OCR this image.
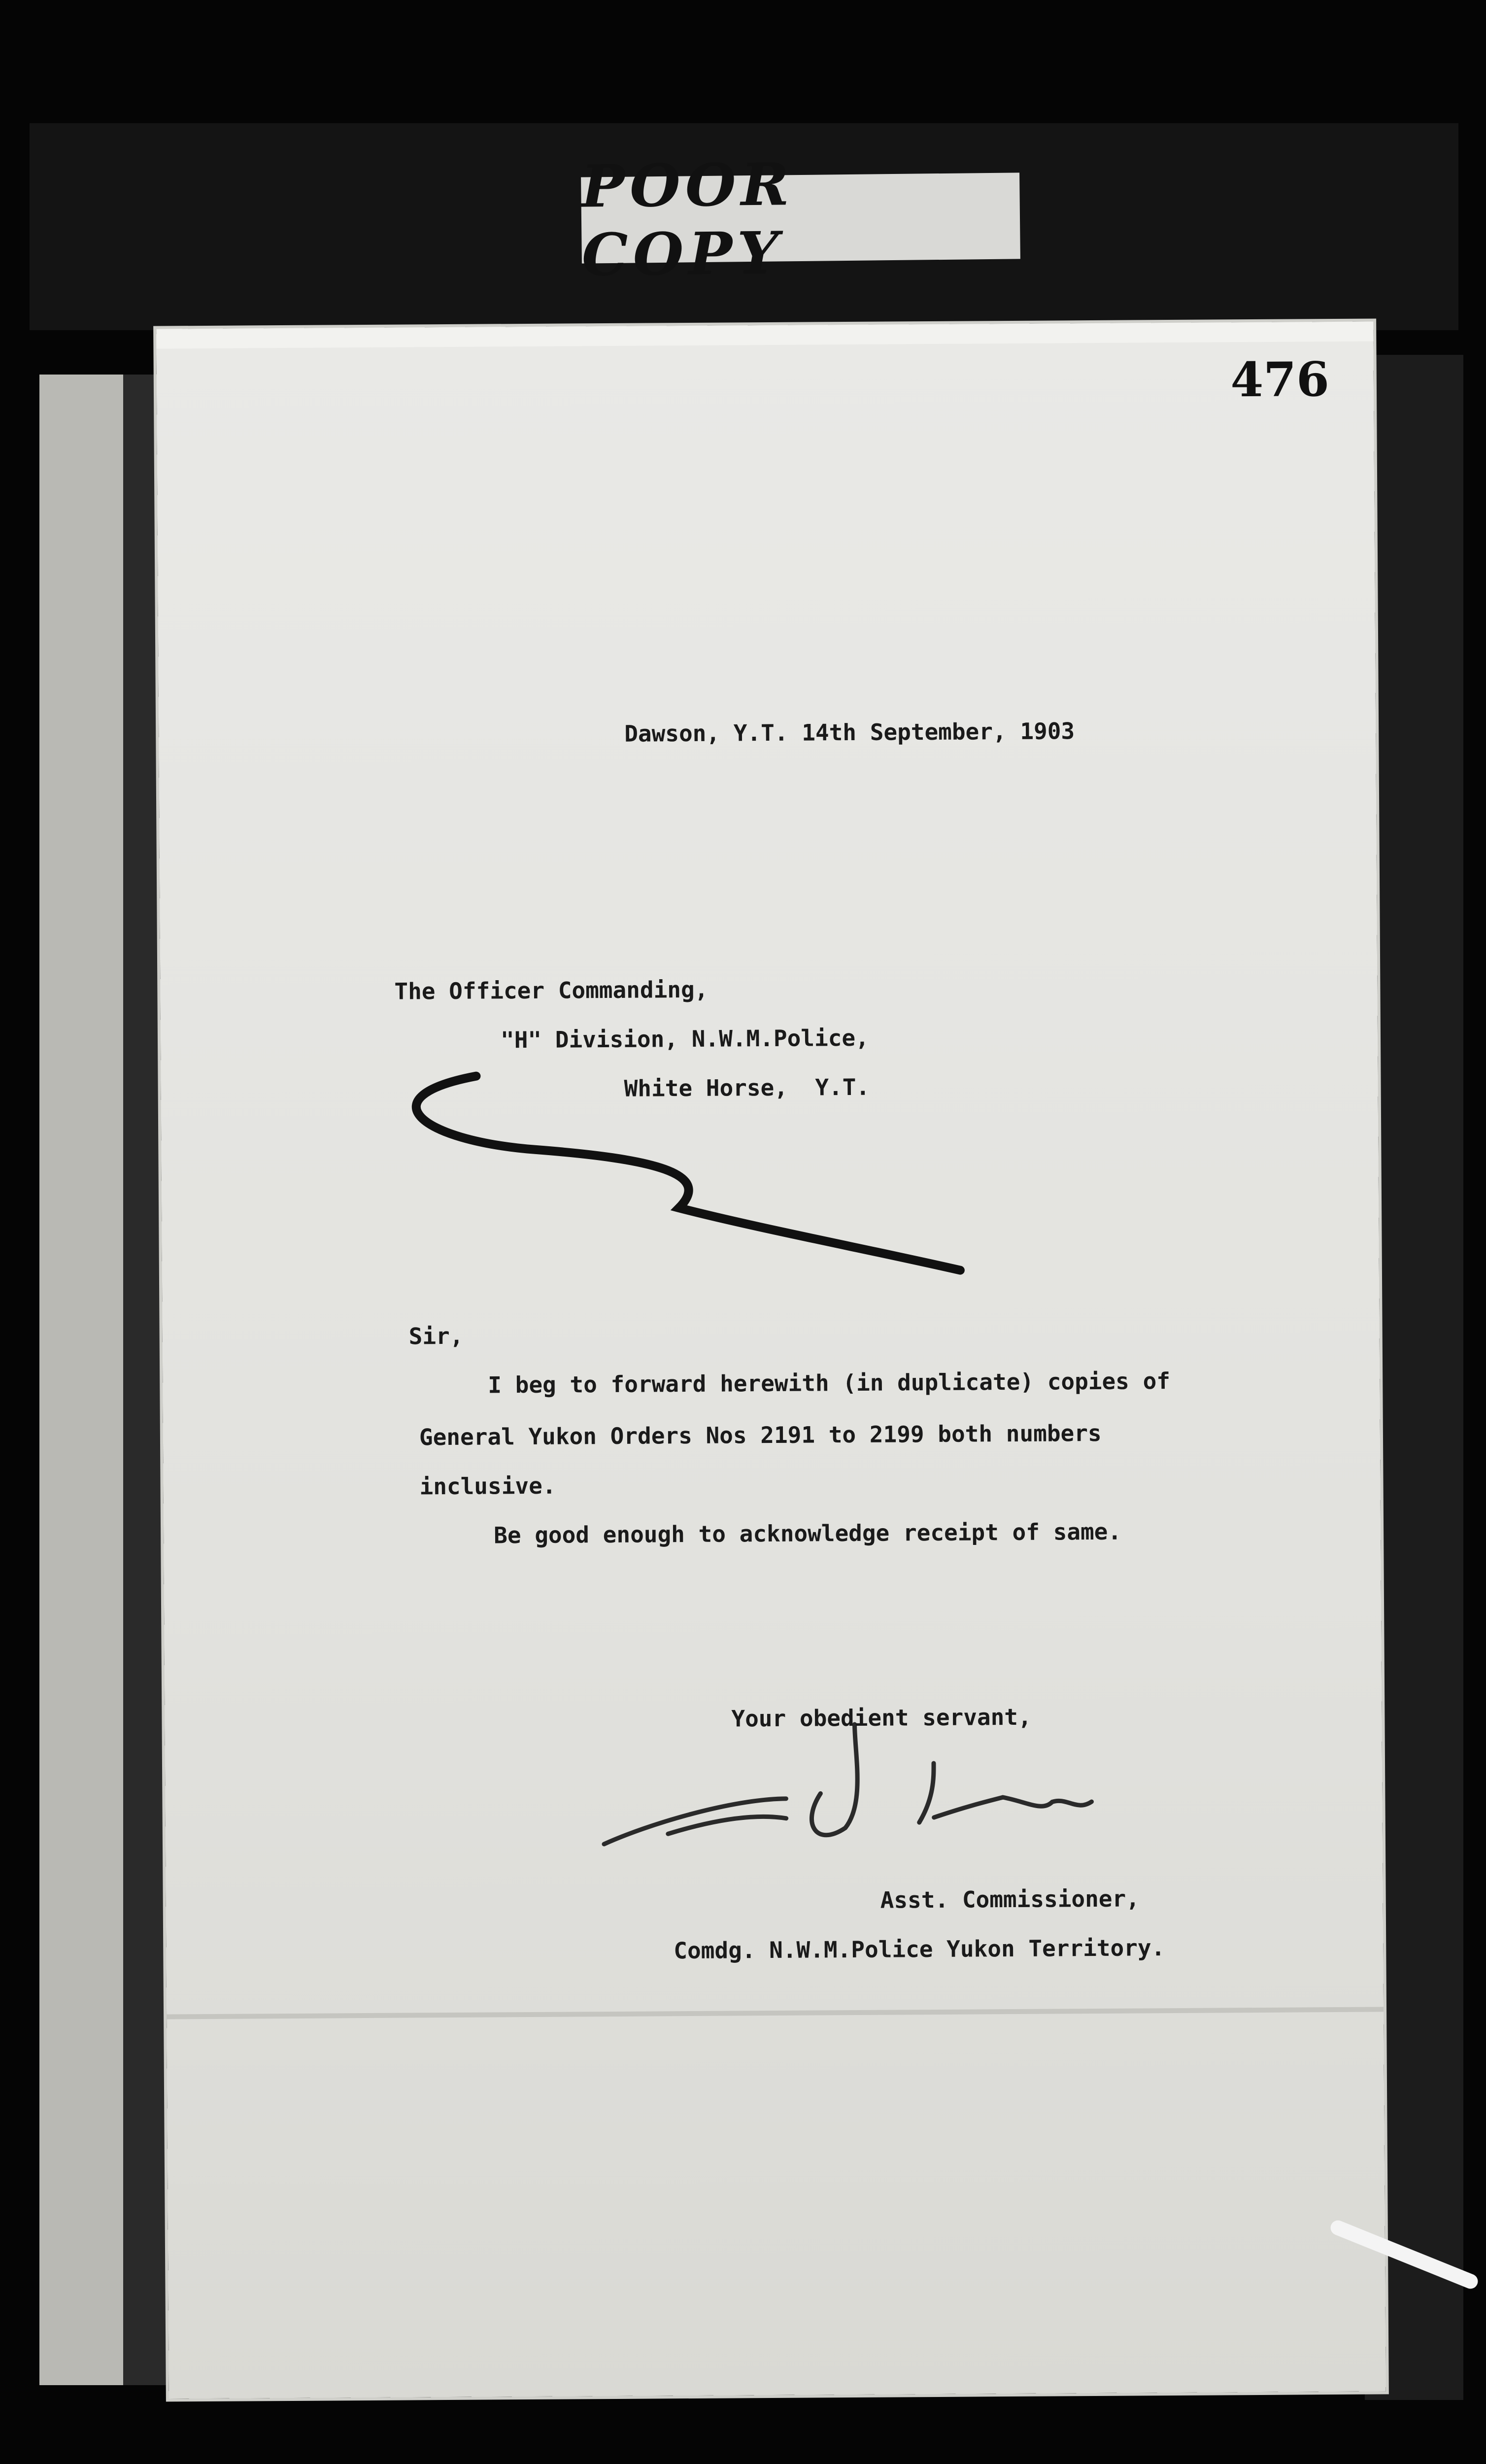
POOR COPY
476
Dawson, Y.T. 14th September, 1903
The Officer Commanding,
"H" Division, N.W.M.Police,
White Horse,  Y.T.
Sir,
I beg to forward herewith (in duplicate) copies of
General Yukon Orders Nos 2191 to 2199 both numbers
inclusive.
Be good enough to acknowledge receipt of same.
Your obedient servant,
Asst. Commissioner,
Comdg. N.W.M.Police Yukon Territory.
